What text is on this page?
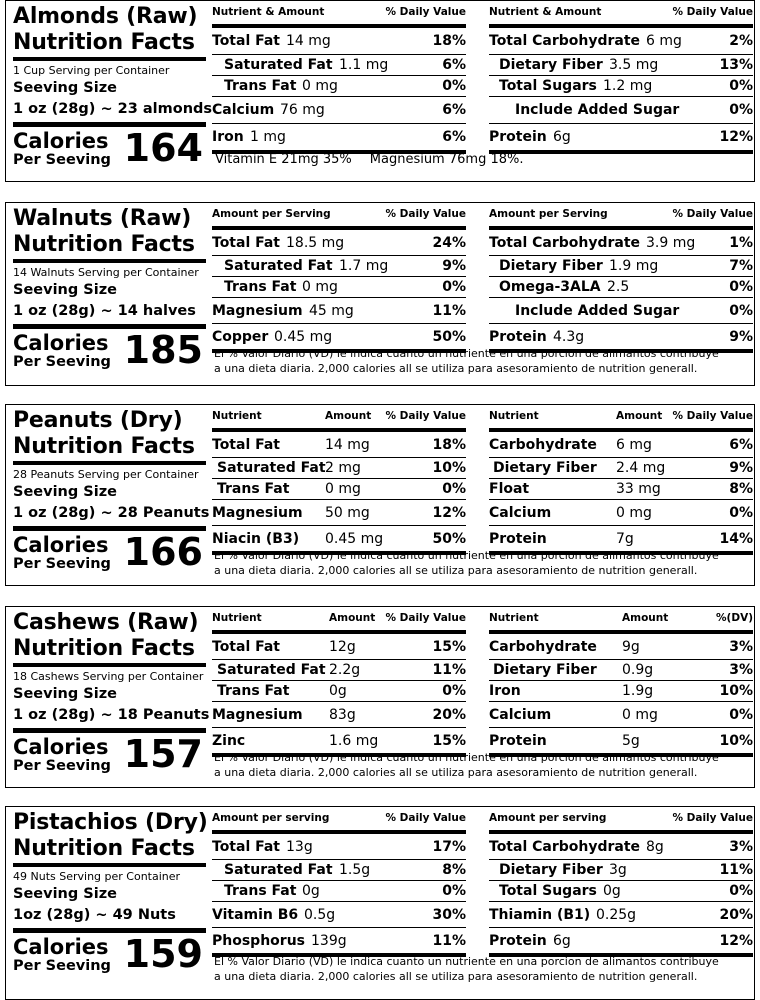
Almonds (Raw)
Nutrition Facts
1 Cup Serving per Container
Seeving Size
1 oz (28g) ~ 23 almonds
Calories
Per Seeving 164
Nutrient & Amount	% Daily Value
Total Fat 14 mg	18%
Saturated Fat 1.1 mg	6%
Trans Fat 0 mg	0%
Calcium 76 mg	6%
Iron 1 mg	6%
Nutrient & Amount	% Daily Value
Total Carbohydrate 6 mg	2%
Dietary Fiber 3.5 mg	13%
Total Sugars 1.2 mg	0%
Include Added Sugar	0%
Protein 6g	12%
Vitamin E 21mg 35% Magnesium 76mg 18%.
Walnuts (Raw)
Nutrition Facts
14 Walnuts Serving per Container
Seeving Size
1 oz (28g) ~ 14 halves
Calories
Per Seeving 185
Amount per Serving	% Daily Value
Total Fat 18.5 mg	24%
Saturated Fat 1.7 mg	9%
Trans Fat 0 mg	0%
Magnesium 45 mg	11%
Copper 0.45 mg	50%
Amount per Serving	% Daily Value
Total Carbohydrate 3.9 mg 1%
Dietary Fiber 1.9 mg	7%
Omega-3ALA 2.5	0%
Include Added Sugar	0%
Protein 4.3g	9%
El % Valor Diario (VD) le indica cuanto un nutriente en una porcion de alimantos contribuye
a una dieta diaria. 2,000 calories all se utiliza para asesoramiento de nutrition generall.
Peanuts (Dry)
Nutrition Facts
28 Peanuts Serving per Container
Seeving Size
1 oz (28g) ~ 28 Peanuts
Calories
Per Seeving 166
Nutrient	Amount % Daily Value
Total Fat	14 mg	18%
Saturated Fat 2 mg	10%
Trans Fat	0 mg	0%
Magnesium 50 mg	12%
Niacin (B3) 0.45 mg	50%
Nutrient	Amount % Daily Value
Carbohydrate 6 mg	6%
Dietary Fiber 2.4 mg	9%
Float	33 mg	8%
Calcium	0 mg	0%
Protein	7g	14%
El % Valor Diario (VD) le indica cuanto un nutriente en una porcion de alimantos contribuye
a una dieta diaria. 2,000 calories all se utiliza para asesoramiento de nutrition generall.
Cashews (Raw)
Nutrition Facts
18 Cashews Serving per Container
Seeving Size
1 oz (28g) ~ 18 Peanuts
Calories
Per Seeving 157
Nutrient	Amount % Daily Value
Total Fat	12g	15%
Saturated Fat 2.2g	11%
Trans Fat	0g	0%
Magnesium 83g	20%
Zinc	1.6 mg	15%
Nutrient	Amount	%(DV)
Carbohydrate 9g	3%
Dietary Fiber 0.9g	3%
Iron	1.9g	10%
Calcium	0 mg	0%
Protein	5g	10%
El % Valor Diario (VD) le indica cuanto un nutriente en una porcion de alimantos contribuye
a una dieta diaria. 2,000 calories all se utiliza para asesoramiento de nutrition generall.
Pistachios (Dry)
Nutrition Facts
49 Nuts Serving per Container
Seeving Size
1oz (28g) ~ 49 Nuts
Calories
Per Seeving 159
Amount per serving	% Daily Value
Total Fat 13g	17%
Saturated Fat 1.5g	8%
Trans Fat 0g	0%
Vitamin B6 0.5g	30%
Phosphorus 139g	11%
Amount per serving	% Daily Value
Total Carbohydrate 8g	3%
Dietary Fiber 3g	11%
Total Sugars 0g	0%
Thiamin (B1) 0.25g	20%
Protein 6g	12%
El % Valor Diario (VD) le indica cuanto un nutriente en una porcion de alimantos contribuye
a una dieta diaria. 2,000 calories all se utiliza para asesoramiento de nutrition generall.
